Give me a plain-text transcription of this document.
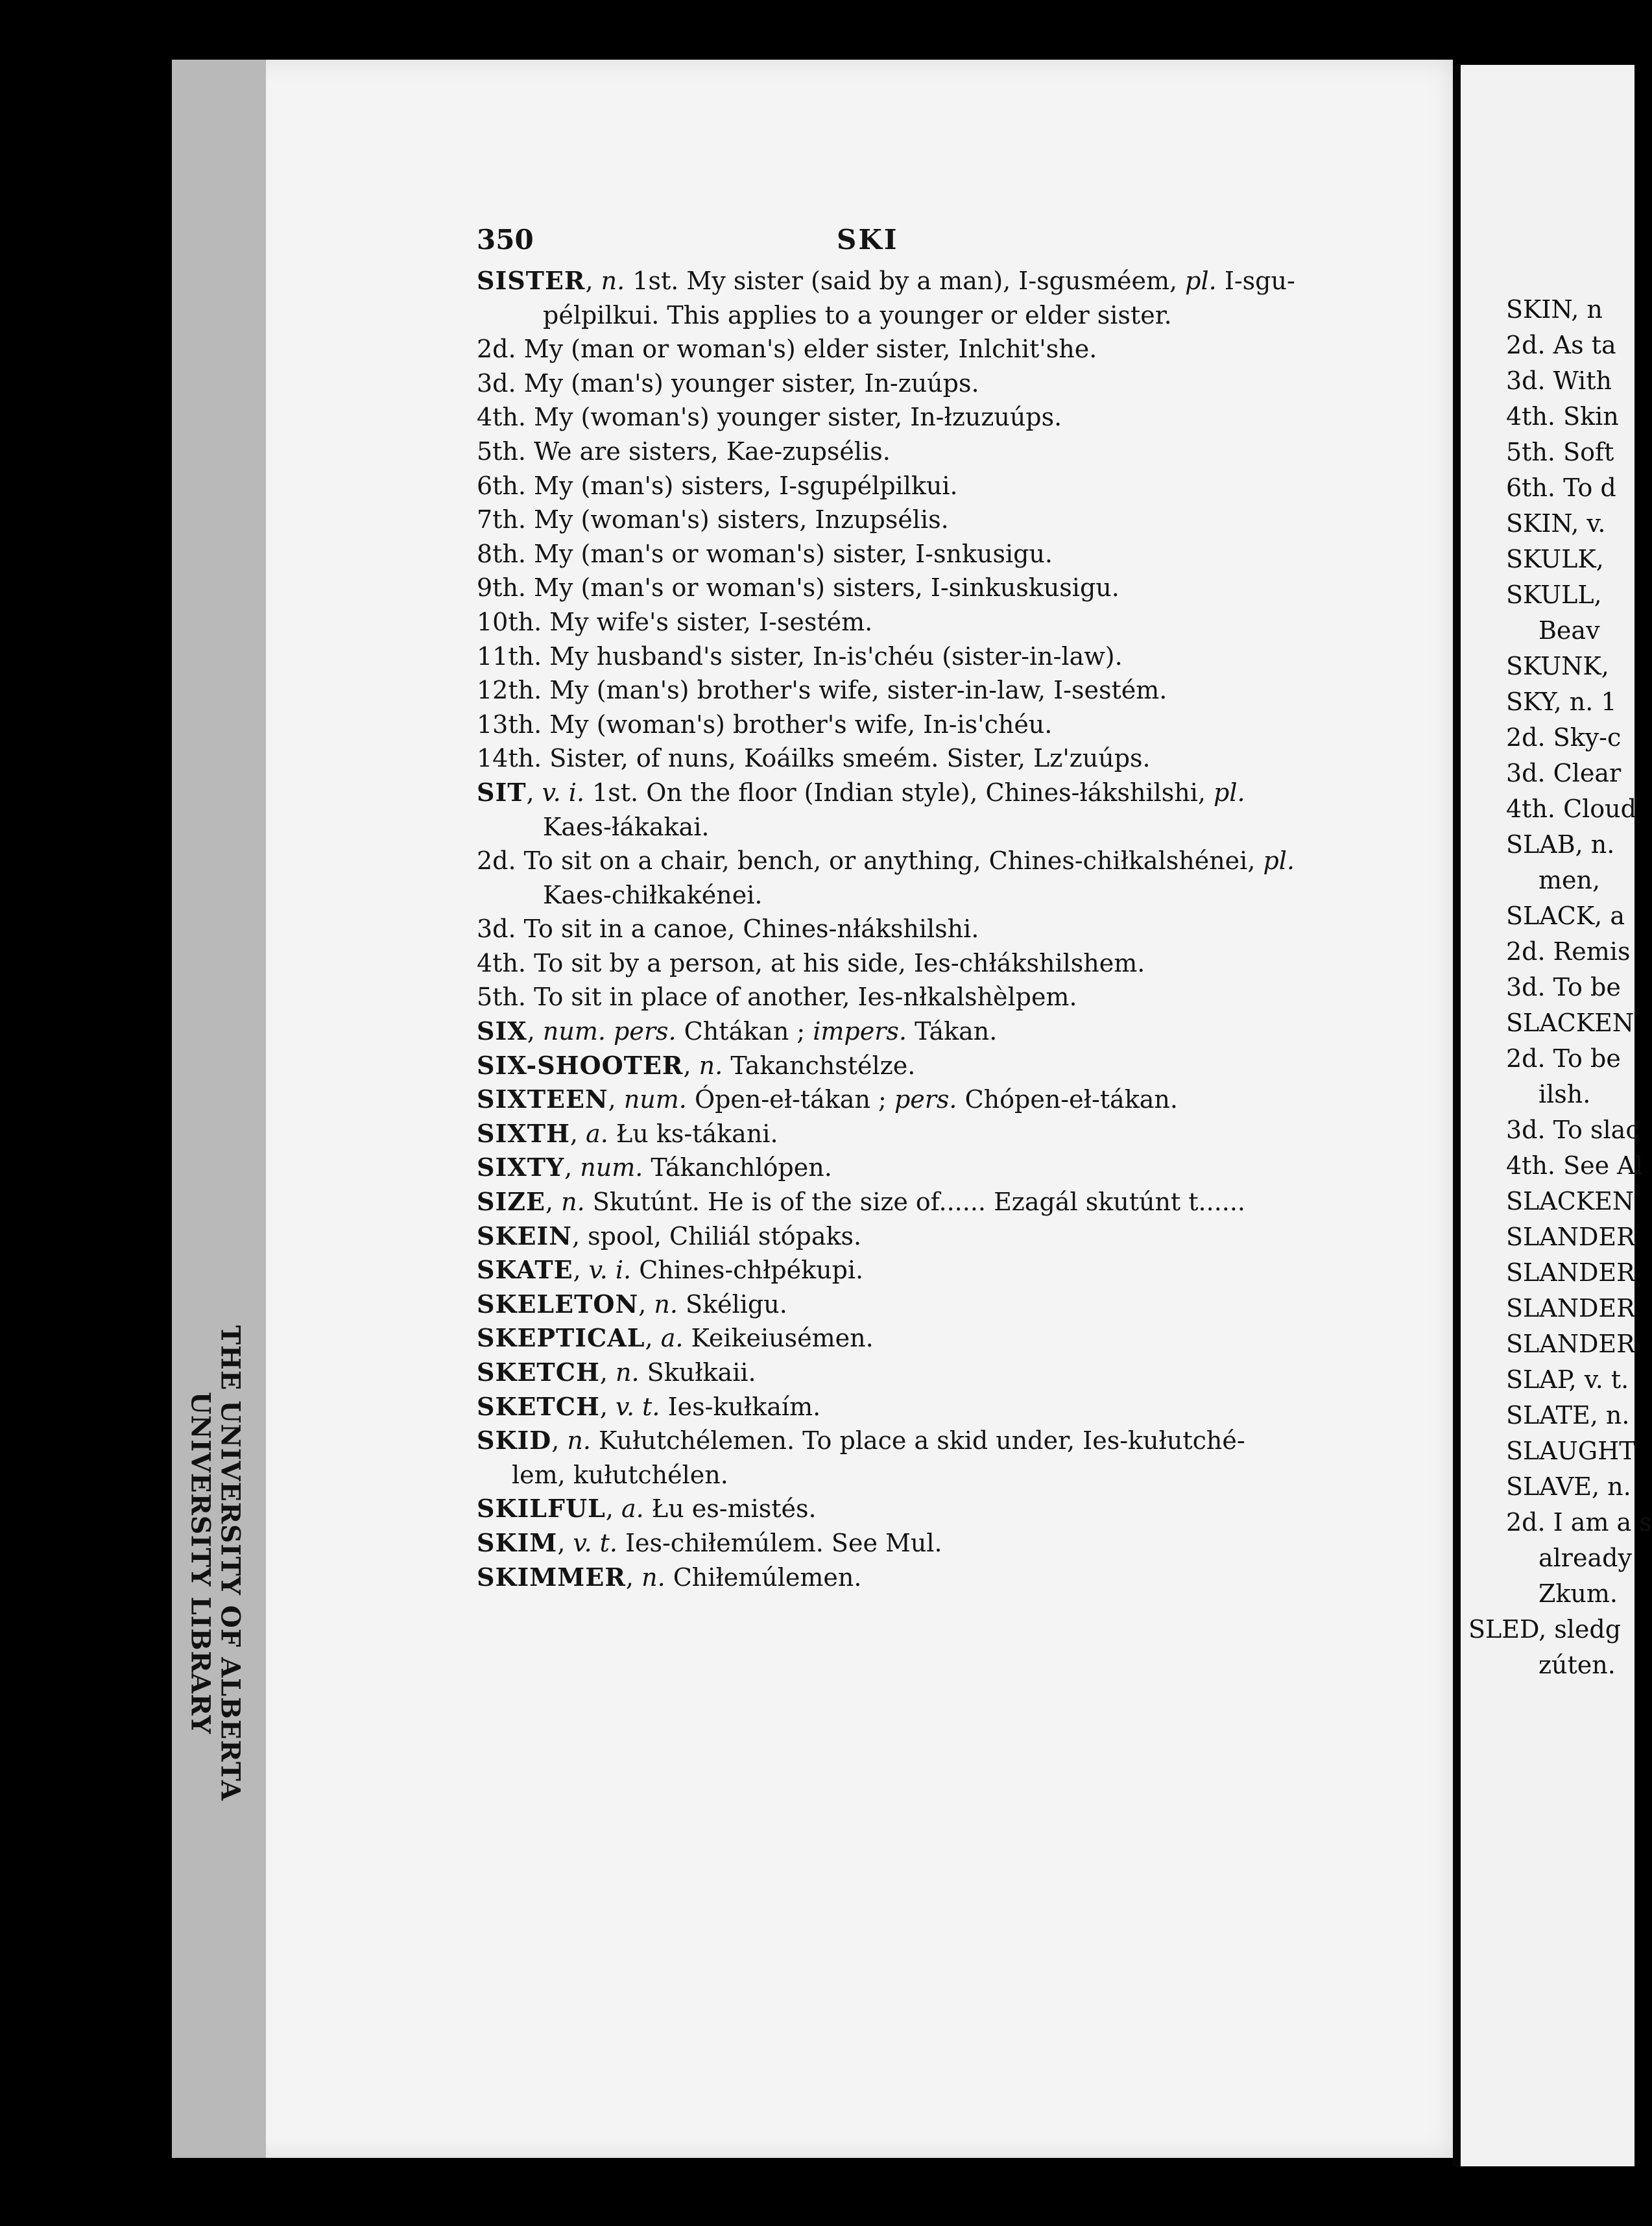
UNIVERSITY LIBRARY THE UNIVERSITY OF ALBERTA
350	SKI
SISTER, n. 1st. My sister (said by a man), I-sgusméem, pl. I-sgu-
pélpilkui. This applies to a younger or elder sister.
2d. My (man or woman's) elder sister, Inlchit'she.
3d. My (man's) younger sister, In-zuúps.
4th. My (woman's) younger sister, In-łzuzuúps.
5th. We are sisters, Kae-zupsélis.
6th. My (man's) sisters, I-sgupélpilkui.
7th. My (woman's) sisters, Inzupsélis.
8th. My (man's or woman's) sister, I-snkusigu.
9th. My (man's or woman's) sisters, I-sinkuskusigu.
10th. My wife's sister, I-sestém.
11th. My husband's sister, In-is'chéu (sister-in-law).
12th. My (man's) brother's wife, sister-in-law, I-sestém.
13th. My (woman's) brother's wife, In-is'chéu.
14th. Sister, of nuns, Koáilks smeém. Sister, Lz'zuúps.
SIT, v. i. 1st. On the floor (Indian style), Chines-łákshilshi, pl.
Kaes-łákakai.
2d. To sit on a chair, bench, or anything, Chines-chiłkalshénei, pl.
Kaes-chiłkakénei.
3d. To sit in a canoe, Chines-nłákshilshi.
4th. To sit by a person, at his side, Ies-chłákshilshem.
5th. To sit in place of another, Ies-nłkalshèlpem.
SIX, num. pers. Chtákan ; impers. Tákan.
SIX-SHOOTER, n. Takanchstélze.
SIXTEEN, num. Ópen-eł-tákan ; pers. Chópen-eł-tákan.
SIXTH, a. Łu ks-tákani.
SIXTY, num. Tákanchlópen.
SIZE, n. Skutúnt. He is of the size of...... Ezagál skutúnt t......
SKEIN, spool, Chiliál stópaks.
SKATE, v. i. Chines-chłpékupi.
SKELETON, n. Skéligu.
SKEPTICAL, a. Keikeiusémen.
SKETCH, n. Skułkaii.
SKETCH, v. t. Ies-kułkaím.
SKID, n. Kułutchélemen. To place a skid under, Ies-kułutché-
lem, kułutchélen.
SKILFUL, a. Łu es-mistés.
SKIM, v. t. Ies-chiłemúlem. See Mul.
SKIMMER, n. Chiłemúlemen.
SKIN, n
2d. As ta
3d. With
4th. Skin
5th. Soft
6th. To d
SKIN, v.
SKULK,
SKULL,
Beav
SKUNK,
SKY, n. 1
2d. Sky-c
3d. Clear
4th. Cloud
SLAB, n.
men,
SLACK, a
2d. Remis
3d. To be
SLACKEN
2d. To be
ilsh.
3d. To slac
4th. See Al
SLACKEN
SLANDER
SLANDER
SLANDER
SLANDER
SLAP, v. t.
SLATE, n.
SLAUGHT
SLAVE, n.
2d. I am a s
already
Zkum.
SLED, sledg
zúten.
